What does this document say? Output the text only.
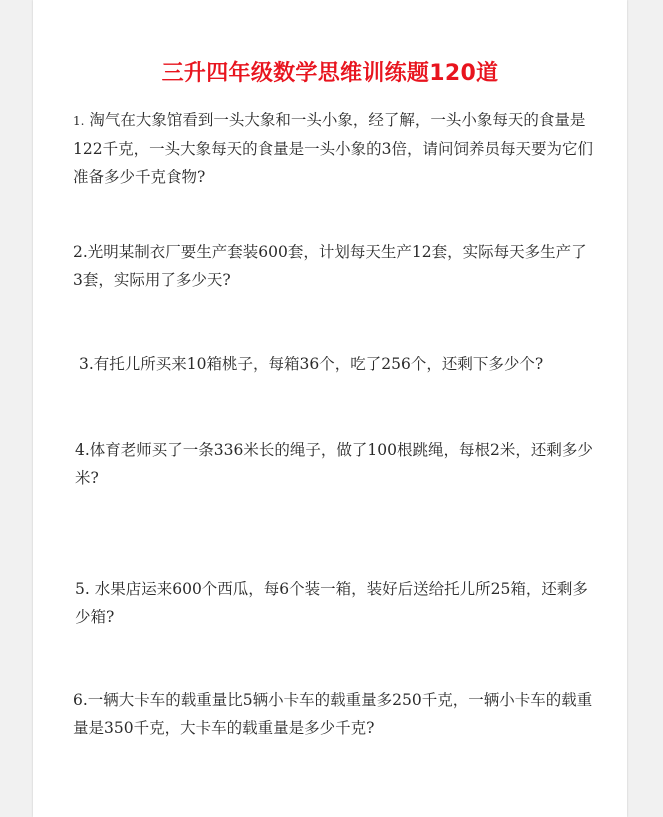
三升四年级数学思维训练题120道

1. 淘气在大象馆看到一头大象和一头小象，经了解，一头小象每天的食量是122千克，一头大象每天的食量是一头小象的3倍，请问饲养员每天要为它们准备多少千克食物?

2.光明某制衣厂要生产套装600套，计划每天生产12套，实际每天多生产了3套，实际用了多少天?

3.有托儿所买来10箱桃子，每箱36个，吃了256个，还剩下多少个?

4.体育老师买了一条336米长的绳子，做了100根跳绳，每根2米，还剩多少米?

5. 水果店运来600个西瓜，每6个装一箱，装好后送给托儿所25箱，还剩多少箱?

6.一辆大卡车的载重量比5辆小卡车的载重量多250千克，一辆小卡车的载重量是350千克，大卡车的载重量是多少千克?
